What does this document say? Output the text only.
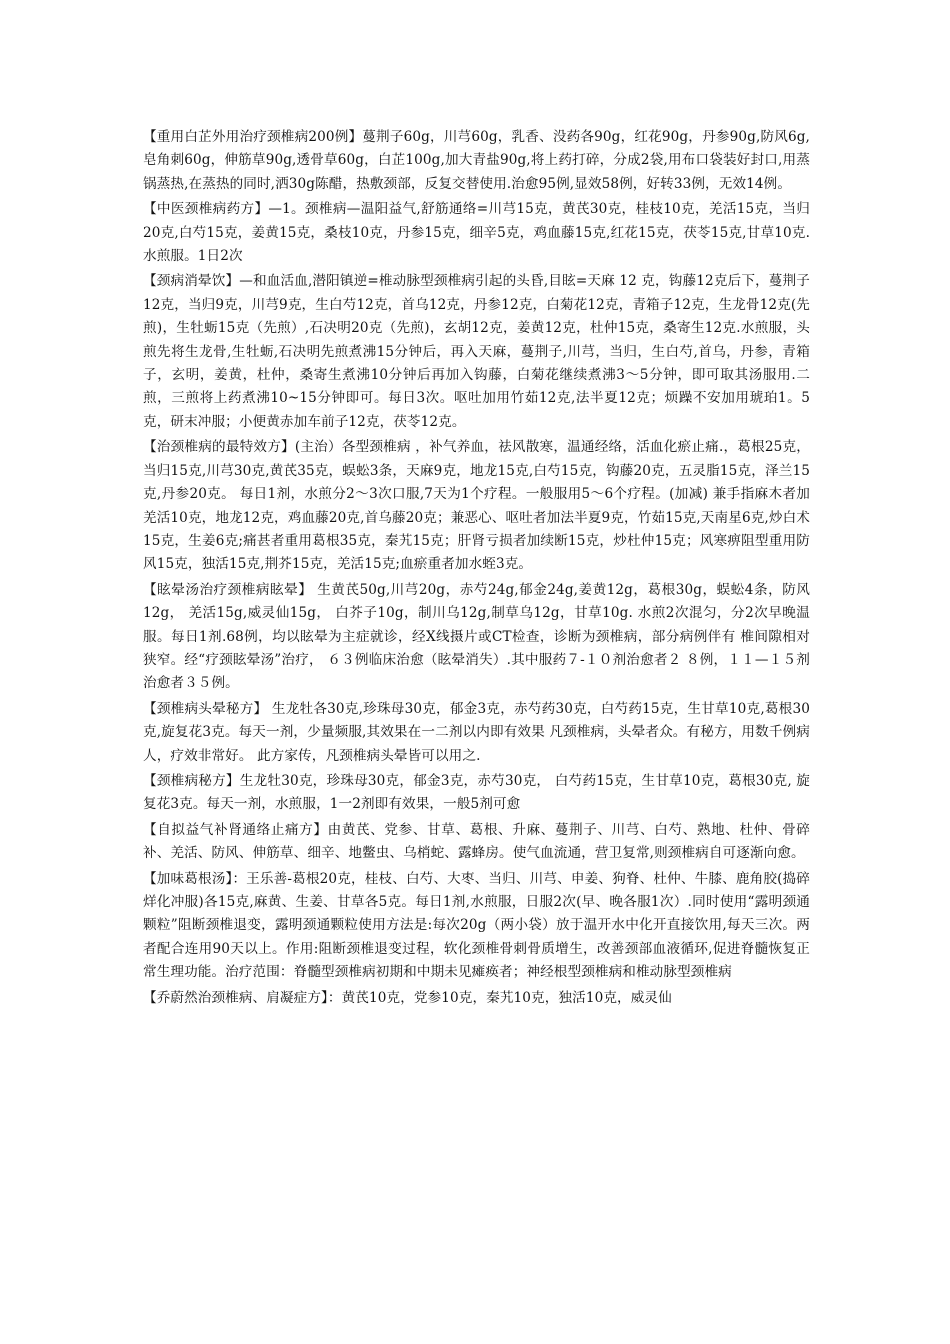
【重用白芷外用治疗颈椎病200例】蔓荆子60g，川芎60g，乳香、没药各90g，红花90g，丹参90g,防风6g,皂角刺60g，伸筋草90g,透骨草60g，白芷100g,加大青盐90g,将上药打碎，分成2袋,用布口袋装好封口,用蒸锅蒸热,在蒸热的同时,洒30g陈醋，热敷颈部，反复交替使用.治愈95例,显效58例，好转33例，无效14例。

【中医颈椎病药方】—1。颈椎病—温阳益气,舒筋通络=川芎15克，黄芪30克，桂枝10克，羌活15克，当归20克,白芍15克，姜黄15克，桑枝10克，丹参15克，细辛5克，鸡血藤15克,红花15克，茯苓15克,甘草10克.水煎服。1日2次

【颈病消晕饮】—和血活血,潜阳镇逆=椎动脉型颈椎病引起的头昏,目眩=天麻 12 克，钩藤12克后下，蔓荆子12克，当归9克，川芎9克，生白芍12克，首乌12克，丹参12克，白菊花12克，青箱子12克，生龙骨12克(先煎)，生牡蛎15克（先煎）,石决明20克（先煎)，玄胡12克，姜黄12克，杜仲15克，桑寄生12克.水煎服，头煎先将生龙骨,生牡蛎,石决明先煎煮沸15分钟后，再入天麻，蔓荆子,川芎，当归，生白芍,首乌，丹参，青箱子，玄明，姜黄，杜仲，桑寄生煮沸10分钟后再加入钩藤，白菊花继续煮沸3～5分钟，即可取其汤服用.二煎，三煎将上药煮沸10~15分钟即可。每日3次。呕吐加用竹茹12克,法半夏12克；烦躁不安加用琥珀1。5克，研末冲服；小便黄赤加车前子12克，茯苓12克。

【治颈椎病的最特效方】(主治）各型颈椎病 ，补气养血，祛风散寒，温通经络，活血化瘀止痛.，葛根25克，当归15克,川芎30克,黄芪35克，蜈蚣3条，天麻9克，地龙15克,白芍15克，钩藤20克，五灵脂15克，泽兰15克,丹参20克。 每日1剂，水煎分2～3次口服,7天为1个疗程。一般服用5～6个疗程。(加减) 兼手指麻木者加羌活10克，地龙12克，鸡血藤20克,首乌藤20克；兼恶心、呕吐者加法半夏9克，竹茹15克,天南星6克,炒白术15克，生姜6克;痛甚者重用葛根35克，秦艽15克；肝肾亏损者加续断15克，炒杜仲15克；风寒痹阻型重用防风15克，独活15克,荆芥15克，羌活15克;血瘀重者加水蛭3克。

【眩晕汤治疗颈椎病眩晕】 生黄芪50g,川芎20g，赤芍24g,郁金24g,姜黄12g，葛根30g，蜈蚣4条，防风12g， 羌活15g,威灵仙15g， 白芥子10g，制川乌12g,制草乌12g，甘草10g. 水煎2次混匀，分2次早晚温服。每日1剂.68例，均以眩晕为主症就诊，经X线摄片或CT检查，诊断为颈椎病，部分病例伴有 椎间隙相对狭窄。经“疗颈眩晕汤”治疗， ６３例临床治愈（眩晕消失）.其中服药７-１０剂治愈者２ ８例，１１—１５剂治愈者３５例。

【颈椎病头晕秘方】 生龙牡各30克,珍珠母30克，郁金3克，赤芍药30克，白芍药15克，生甘草10克,葛根30克,旋复花3克。每天一剂，少量频服,其效果在一二剂以内即有效果 凡颈椎病，头晕者众。有秘方，用数千例病人，疗效非常好。 此方家传，凡颈椎病头晕皆可以用之.

【颈椎病秘方】生龙牡30克，珍珠母30克，郁金3克，赤芍30克， 白芍药15克，生甘草10克，葛根30克, 旋复花3克。每天一剂，水煎服，1一2剂即有效果，一般5剂可愈

【自拟益气补肾通络止痛方】由黄芪、党参、甘草、葛根、升麻、蔓荆子、川芎、白芍、熟地、杜仲、骨碎补、羌活、防风、伸筋草、细辛、地鳖虫、乌梢蛇、露蜂房。使气血流通，营卫复常,则颈椎病自可逐渐向愈。

【加味葛根汤】：王乐善-葛根20克，桂枝、白芍、大枣、当归、川芎、申姜、狗脊、杜仲、牛膝、鹿角胶(捣碎烊化冲服)各15克,麻黄、生姜、甘草各5克。每日1剂,水煎服，日服2次(早、晚各服1次）.同时使用“露明颈通颗粒”阻断颈椎退变，露明颈通颗粒使用方法是:每次20g（两小袋）放于温开水中化开直接饮用,每天三次。两者配合连用90天以上。作用:阻断颈椎退变过程，软化颈椎骨刺骨质增生，改善颈部血液循环,促进脊髓恢复正常生理功能。治疗范围：脊髓型颈椎病初期和中期未见瘫痪者；神经根型颈椎病和椎动脉型颈椎病

【乔蔚然治颈椎病、肩凝症方】：黄芪10克，党参10克，秦艽10克，独活10克，威灵仙
